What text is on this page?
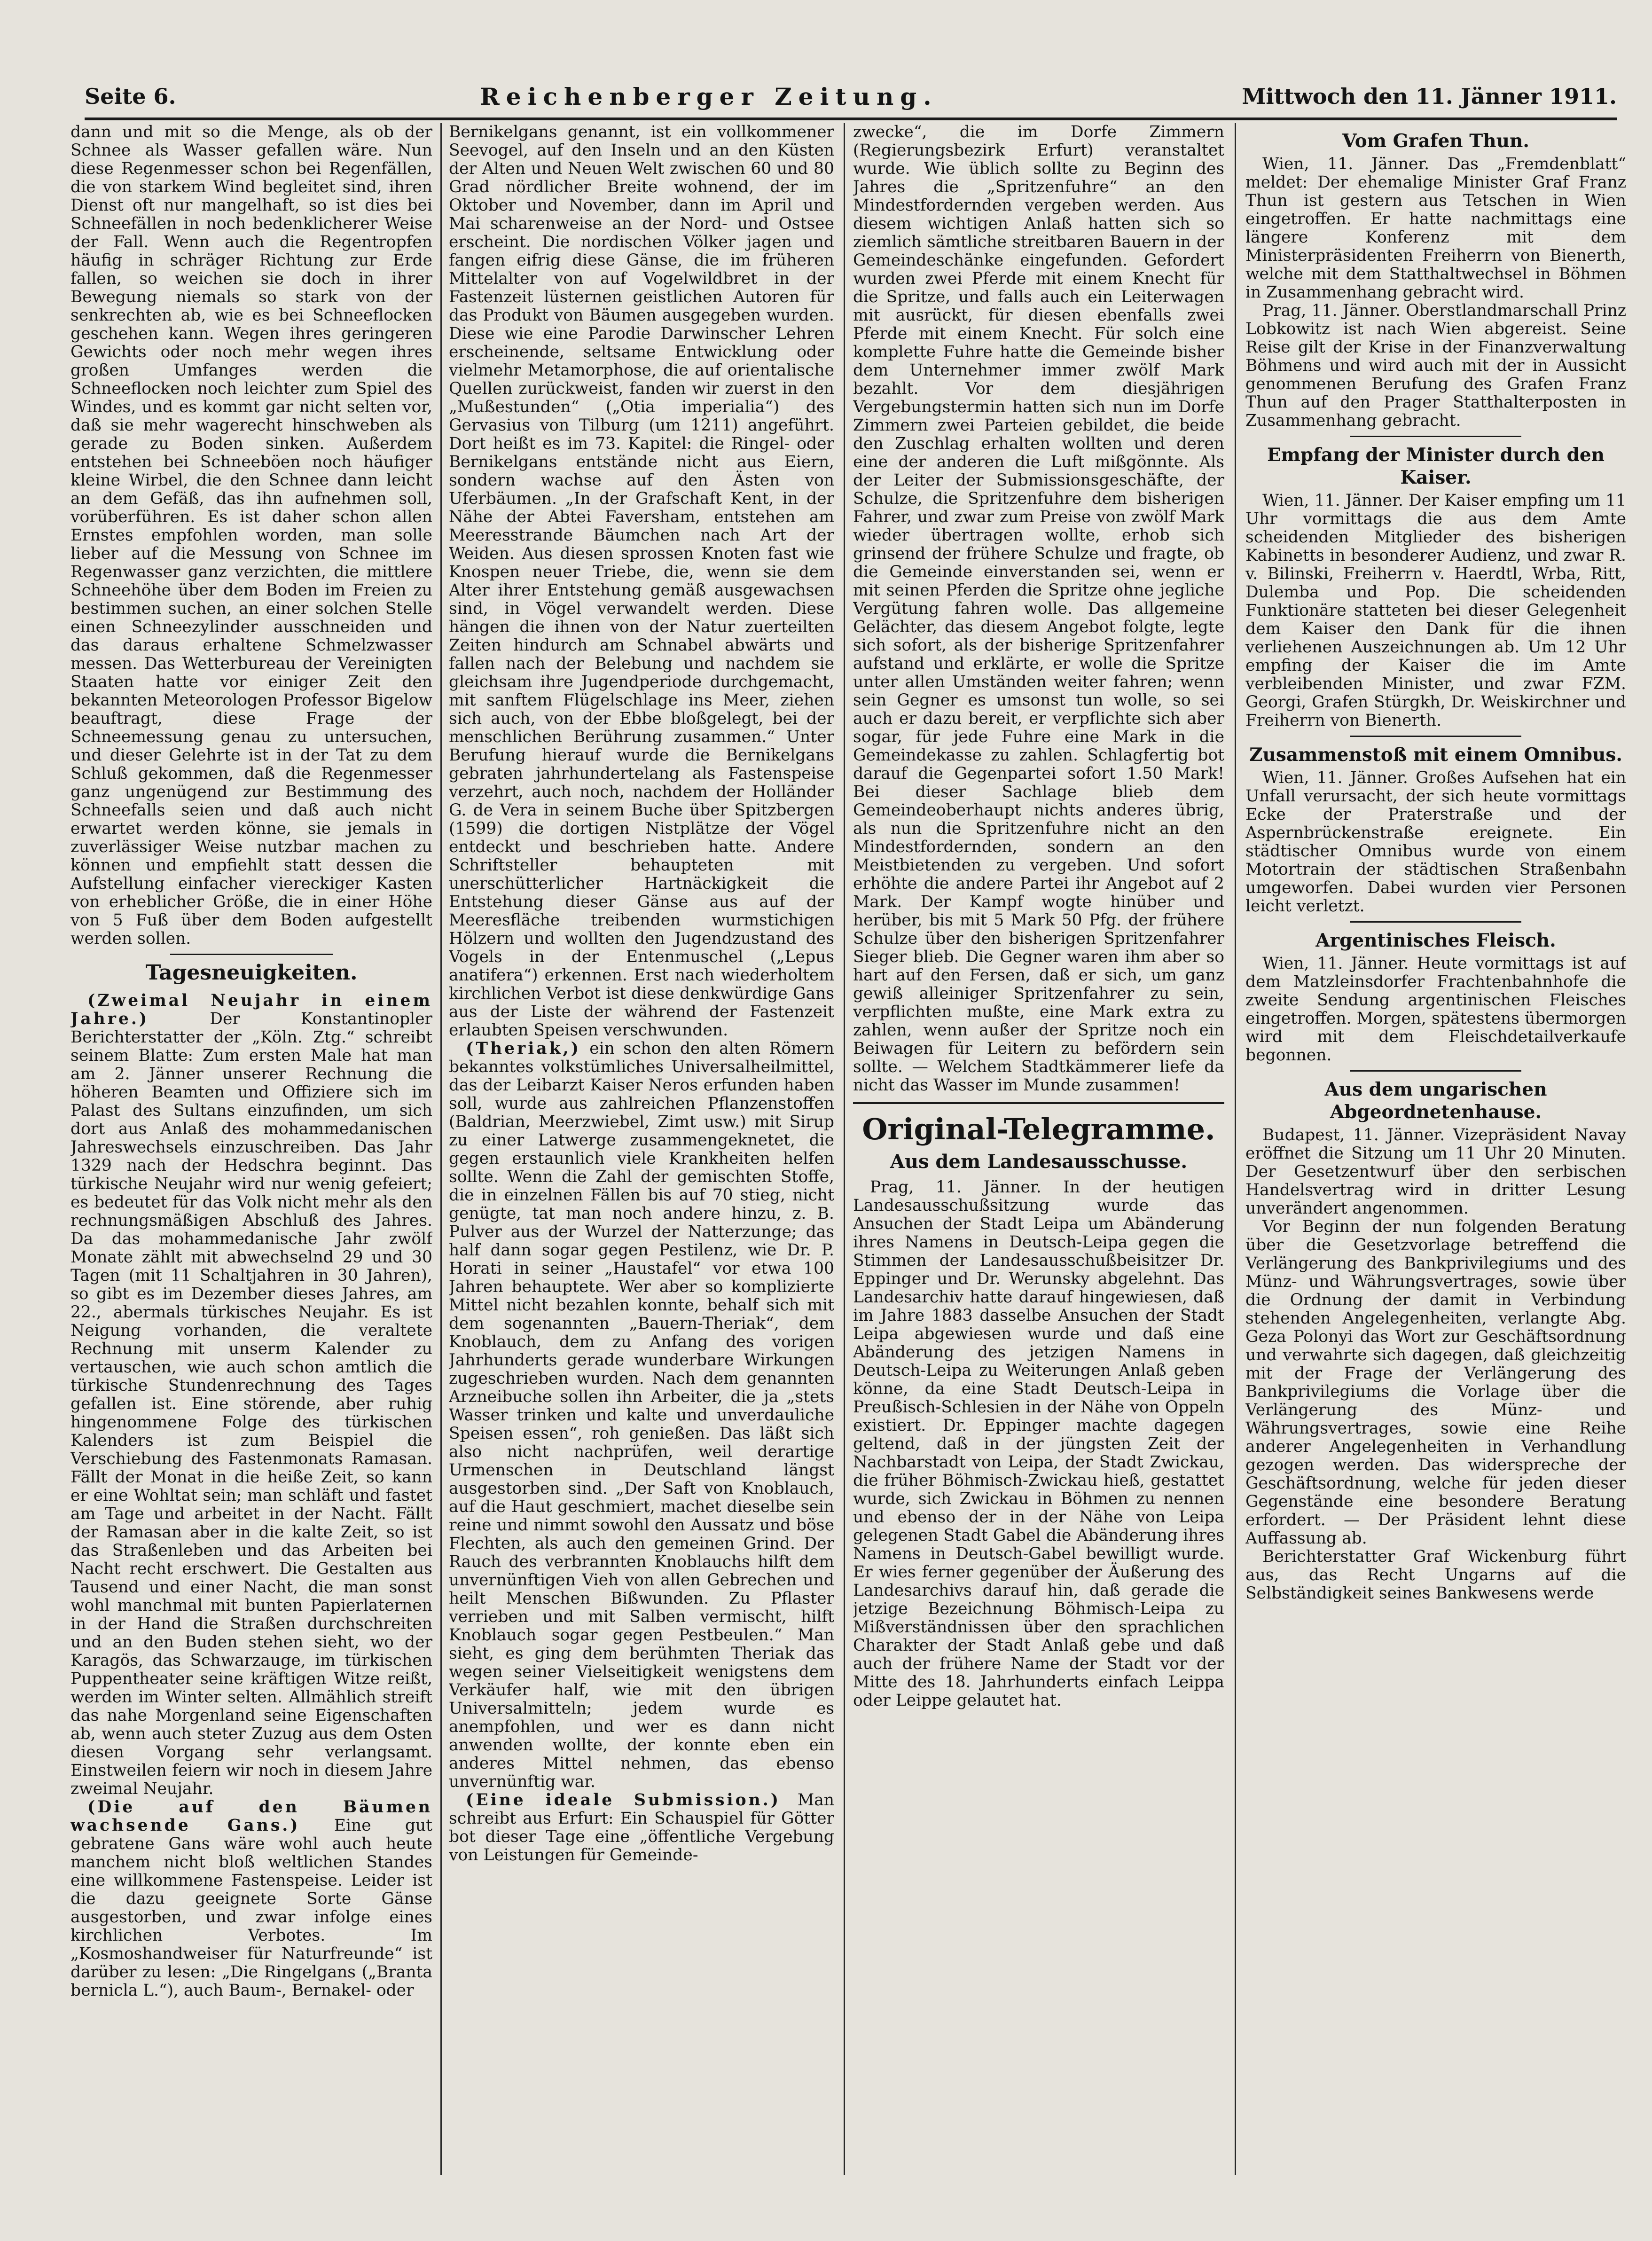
Seite 6.	Reichenberger Zeitung.	Mittwoch den 11. Jänner 1911.

dann und mit so die Menge, als ob der Schnee als Wasser gefallen wäre. Nun diese Regenmesser schon bei Regenfällen, die von starkem Wind begleitet sind, ihren Dienst oft nur mangelhaft, so ist dies bei Schneefällen in noch bedenklicherer Weise der Fall. Wenn auch die Regentropfen häufig in schräger Richtung zur Erde fallen, so weichen sie doch in ihrer Bewegung niemals so stark von der senkrechten ab, wie es bei Schneeflocken geschehen kann. Wegen ihres geringeren Gewichts oder noch mehr wegen ihres großen Umfanges werden die Schneeflocken noch leichter zum Spiel des Windes, und es kommt gar nicht selten vor, daß sie mehr wagerecht hinschweben als gerade zu Boden sinken. Außerdem entstehen bei Schneeböen noch häufiger kleine Wirbel, die den Schnee dann leicht an dem Gefäß, das ihn aufnehmen soll, vorüberführen. Es ist daher schon allen Ernstes empfohlen worden, man solle lieber auf die Messung von Schnee im Regenwasser ganz verzichten, die mittlere Schneehöhe über dem Boden im Freien zu bestimmen suchen, an einer solchen Stelle einen Schneezylinder ausschneiden und das daraus erhaltene Schmelzwasser messen. Das Wetterbureau der Vereinigten Staaten hatte vor einiger Zeit den bekannten Meteorologen Professor Bigelow beauftragt, diese Frage der Schneemessung genau zu untersuchen, und dieser Gelehrte ist in der Tat zu dem Schluß gekommen, daß die Regenmesser ganz ungenügend zur Bestimmung des Schneefalls seien und daß auch nicht erwartet werden könne, sie jemals in zuverlässiger Weise nutzbar machen zu können und empfiehlt statt dessen die Aufstellung einfacher viereckiger Kasten von erheblicher Größe, die in einer Höhe von 5 Fuß über dem Boden aufgestellt werden sollen.

Tagesneuigkeiten.

(Zweimal Neujahr in einem Jahre.)	Der Konstantinopler Berichterstatter der „Köln. Ztg.“ schreibt seinem Blatte: Zum ersten Male hat man am 2. Jänner unserer Rechnung die höheren Beamten und Offiziere sich im Palast des Sultans einzufinden, um sich dort aus Anlaß des mohammedanischen Jahreswechsels einzuschreiben. Das Jahr 1329 nach der Hedschra beginnt. Das türkische Neujahr wird nur wenig gefeiert; es bedeutet für das Volk nicht mehr als den rechnungsmäßigen Abschluß des Jahres. Da das mohammedanische Jahr zwölf Monate zählt mit abwechselnd 29 und 30 Tagen (mit 11 Schaltjahren in 30 Jahren), so gibt es im Dezember dieses Jahres, am 22., abermals türkisches Neujahr. Es ist Neigung vorhanden, die veraltete Rechnung mit unserm Kalender zu vertauschen, wie auch schon amtlich die türkische Stundenrechnung des Tages gefallen ist. Eine störende, aber ruhig hingenommene Folge des türkischen Kalenders ist zum Beispiel die Verschiebung des Fastenmonats Ramasan. Fällt der Monat in die heiße Zeit, so kann er eine Wohltat sein; man schläft und fastet am Tage und arbeitet in der Nacht. Fällt der Ramasan aber in die kalte Zeit, so ist das Straßenleben und das Arbeiten bei Nacht recht erschwert. Die Gestalten aus Tausend und einer Nacht, die man sonst wohl manchmal mit bunten Papierlaternen in der Hand die Straßen durchschreiten und an den Buden stehen sieht, wo der Karagös, das Schwarzauge, im türkischen Puppentheater seine kräftigen Witze reißt, werden im Winter selten. Allmählich streift das nahe Morgenland seine Eigenschaften ab, wenn auch steter Zuzug aus dem Osten diesen Vorgang sehr verlangsamt. Einstweilen feiern wir noch in diesem Jahre zweimal Neujahr.

(Die auf den Bäumen wachsende Gans.) Eine gut gebratene Gans wäre wohl auch heute manchem nicht bloß weltlichen Standes eine willkommene Fastenspeise. Leider ist die dazu geeignete Sorte Gänse ausgestorben, und zwar infolge eines kirchlichen Verbotes. Im „Kosmoshandweiser für Naturfreunde“ ist darüber zu lesen: „Die Ringelgans („Branta bernicla L.“), auch Baum-, Bernakel- oder

Bernikelgans genannt, ist ein vollkommener Seevogel, auf den Inseln und an den Küsten der Alten und Neuen Welt zwischen 60 und 80 Grad nördlicher Breite wohnend, der im Oktober und November, dann im April und Mai scharenweise an der Nord- und Ostsee erscheint. Die nordischen Völker jagen und fangen eifrig diese Gänse, die im früheren Mittelalter von auf Vogelwildbret in der Fastenzeit lüsternen geistlichen Autoren für das Produkt von Bäumen ausgegeben wurden. Diese wie eine Parodie Darwinscher Lehren erscheinende, seltsame Entwicklung oder vielmehr Metamorphose, die auf orientalische Quellen zurückweist, fanden wir zuerst in den „Mußestunden“ („Otia imperialia“) des Gervasius von Tilburg (um 1211) angeführt. Dort heißt es im 73. Kapitel: die Ringel- oder Bernikelgans entstände nicht aus Eiern, sondern wachse auf den Ästen von Uferbäumen. „In der Grafschaft Kent, in der Nähe der Abtei Faversham, entstehen am Meeresstrande Bäumchen nach Art der Weiden. Aus diesen sprossen Knoten fast wie Knospen neuer Triebe, die, wenn sie dem Alter ihrer Entstehung gemäß ausgewachsen sind, in Vögel verwandelt werden. Diese hängen die ihnen von der Natur zuerteilten Zeiten hindurch am Schnabel abwärts und fallen nach der Belebung und nachdem sie gleichsam ihre Jugendperiode durchgemacht, mit sanftem Flügelschlage ins Meer, ziehen sich auch, von der Ebbe bloßgelegt, bei der menschlichen Berührung zusammen.“ Unter Berufung hierauf wurde die Bernikelgans gebraten jahrhundertelang als Fastenspeise verzehrt, auch noch, nachdem der Holländer G. de Vera in seinem Buche über Spitzbergen (1599) die dortigen Nistplätze der Vögel entdeckt und beschrieben hatte. Andere Schriftsteller behaupteten mit unerschütterlicher Hartnäckigkeit die Entstehung dieser Gänse aus auf der Meeresfläche treibenden wurmstichigen Hölzern und wollten den Jugendzustand des Vogels in der Entenmuschel („Lepus anatifera“) erkennen. Erst nach wiederholtem kirchlichen Verbot ist diese denkwürdige Gans aus der Liste der während der Fastenzeit erlaubten Speisen verschwunden.

(Theriak,) ein schon den alten Römern bekanntes volkstümliches Universalheilmittel, das der Leibarzt Kaiser Neros erfunden haben soll, wurde aus zahlreichen Pflanzenstoffen (Baldrian, Meerzwiebel, Zimt usw.) mit Sirup zu einer Latwerge zusammengeknetet, die gegen erstaunlich viele Krankheiten helfen sollte. Wenn die Zahl der gemischten Stoffe, die in einzelnen Fällen bis auf 70 stieg, nicht genügte, tat man noch andere hinzu, z. B. Pulver aus der Wurzel der Natterzunge; das half dann sogar gegen Pestilenz, wie Dr. P. Horati in seiner „Haustafel“ vor etwa 100 Jahren behauptete. Wer aber so komplizierte Mittel nicht bezahlen konnte, behalf sich mit dem sogenannten „Bauern-Theriak“, dem Knoblauch, dem zu Anfang des vorigen Jahrhunderts gerade wunderbare Wirkungen zugeschrieben wurden. Nach dem genannten Arzneibuche sollen ihn Arbeiter, die ja „stets Wasser trinken und kalte und unverdauliche Speisen essen“, roh genießen. Das läßt sich also nicht nachprüfen, weil derartige Urmenschen in Deutschland längst ausgestorben sind. „Der Saft von Knoblauch, auf die Haut geschmiert, machet dieselbe sein reine und nimmt sowohl den Aussatz und böse Flechten, als auch den gemeinen Grind. Der Rauch des verbrannten Knoblauchs hilft dem unvernünftigen Vieh von allen Gebrechen und heilt Menschen Bißwunden. Zu Pflaster verrieben und mit Salben vermischt, hilft Knoblauch sogar gegen Pestbeulen.“ Man sieht, es ging dem berühmten Theriak das wegen seiner Vielseitigkeit wenigstens dem Verkäufer half, wie mit den übrigen Universalmitteln; jedem wurde es anempfohlen, und wer es dann nicht anwenden wollte, der konnte eben ein anderes Mittel nehmen, das ebenso unvernünftig war.

(Eine ideale Submission.) Man schreibt aus Erfurt: Ein Schauspiel für Götter bot dieser Tage eine „öffentliche Vergebung von Leistungen für Gemeinde-

zwecke“, die im Dorfe Zimmern (Regierungsbezirk Erfurt) veranstaltet wurde. Wie üblich sollte zu Beginn des Jahres die „Spritzenfuhre“ an den Mindestfordernden vergeben werden. Aus diesem wichtigen Anlaß hatten sich so ziemlich sämtliche streitbaren Bauern in der Gemeindeschänke eingefunden. Gefordert wurden zwei Pferde mit einem Knecht für die Spritze, und falls auch ein Leiterwagen mit ausrückt, für diesen ebenfalls zwei Pferde mit einem Knecht. Für solch eine komplette Fuhre hatte die Gemeinde bisher dem Unternehmer immer zwölf Mark bezahlt. Vor dem diesjährigen Vergebungstermin hatten sich nun im Dorfe Zimmern zwei Parteien gebildet, die beide den Zuschlag erhalten wollten und deren eine der anderen die Luft mißgönnte. Als der Leiter der Submissionsgeschäfte, der Schulze, die Spritzenfuhre dem bisherigen Fahrer, und zwar zum Preise von zwölf Mark wieder übertragen wollte, erhob sich grinsend der frühere Schulze und fragte, ob die Gemeinde einverstanden sei, wenn er mit seinen Pferden die Spritze ohne jegliche Vergütung fahren wolle. Das allgemeine Gelächter, das diesem Angebot folgte, legte sich sofort, als der bisherige Spritzenfahrer aufstand und erklärte, er wolle die Spritze unter allen Umständen weiter fahren; wenn sein Gegner es umsonst tun wolle, so sei auch er dazu bereit, er verpflichte sich aber sogar, für jede Fuhre eine Mark in die Gemeindekasse zu zahlen. Schlagfertig bot darauf die Gegenpartei sofort 1.50 Mark! Bei dieser Sachlage blieb dem Gemeindeoberhaupt nichts anderes übrig, als nun die Spritzenfuhre nicht an den Mindestfordernden, sondern an den Meistbietenden zu vergeben. Und sofort erhöhte die andere Partei ihr Angebot auf 2 Mark. Der Kampf wogte hinüber und herüber, bis mit 5 Mark 50 Pfg. der frühere Schulze über den bisherigen Spritzenfahrer Sieger blieb. Die Gegner waren ihm aber so hart auf den Fersen, daß er sich, um ganz gewiß alleiniger Spritzenfahrer zu sein, verpflichten mußte, eine Mark extra zu zahlen, wenn außer der Spritze noch ein Beiwagen für Leitern zu befördern sein sollte. — Welchem Stadtkämmerer liefe da nicht das Wasser im Munde zusammen!

Original-Telegramme.
Aus dem Landesausschusse.

Prag, 11. Jänner. In der heutigen Landesausschußsitzung wurde das Ansuchen der Stadt Leipa um Abänderung ihres Namens in Deutsch-Leipa gegen die Stimmen der Landesausschußbeisitzer Dr. Eppinger und Dr. Werunsky abgelehnt. Das Landesarchiv hatte darauf hingewiesen, daß im Jahre 1883 dasselbe Ansuchen der Stadt Leipa abgewiesen wurde und daß eine Abänderung des jetzigen Namens in Deutsch-Leipa zu Weiterungen Anlaß geben könne, da eine Stadt Deutsch-Leipa in Preußisch-Schlesien in der Nähe von Oppeln existiert. Dr. Eppinger machte dagegen geltend, daß in der jüngsten Zeit der Nachbarstadt von Leipa, der Stadt Zwickau, die früher Böhmisch-Zwickau hieß, gestattet wurde, sich Zwickau in Böhmen zu nennen und ebenso der in der Nähe von Leipa gelegenen Stadt Gabel die Abänderung ihres Namens in Deutsch-Gabel bewilligt wurde. Er wies ferner gegenüber der Äußerung des Landesarchivs darauf hin, daß gerade die jetzige Bezeichnung Böhmisch-Leipa zu Mißverständnissen über den sprachlichen Charakter der Stadt Anlaß gebe und daß auch der frühere Name der Stadt vor der Mitte des 18. Jahrhunderts einfach Leippa oder Leippe gelautet hat.

Vom Grafen Thun.

Wien, 11. Jänner. Das „Fremdenblatt“ meldet: Der ehemalige Minister Graf Franz Thun ist gestern aus Tetschen in Wien eingetroffen. Er hatte nachmittags eine längere Konferenz mit dem Ministerpräsidenten Freiherrn von Bienerth, welche mit dem Statthaltwechsel in Böhmen in Zusammenhang gebracht wird.

Prag, 11. Jänner. Oberstlandmarschall Prinz Lobkowitz ist nach Wien abgereist. Seine Reise gilt der Krise in der Finanzverwaltung Böhmens und wird auch mit der in Aussicht genommenen Berufung des Grafen Franz Thun auf den Prager Statthalterposten in Zusammenhang gebracht.

Empfang der Minister durch den Kaiser.

Wien, 11. Jänner. Der Kaiser empfing um 11 Uhr vormittags die aus dem Amte scheidenden Mitglieder des bisherigen Kabinetts in besonderer Audienz, und zwar R. v. Bilinski, Freiherrn v. Haerdtl, Wrba, Ritt, Dulemba und Pop. Die scheidenden Funktionäre statteten bei dieser Gelegenheit dem Kaiser den Dank für die ihnen verliehenen Auszeichnungen ab. Um 12 Uhr empfing der Kaiser die im Amte verbleibenden Minister, und zwar FZM. Georgi, Grafen Stürgkh, Dr. Weiskirchner und Freiherrn von Bienerth.

Zusammenstoß mit einem Omnibus.

Wien, 11. Jänner. Großes Aufsehen hat ein Unfall verursacht, der sich heute vormittags Ecke der Praterstraße und der Aspernbrückenstraße ereignete. Ein städtischer Omnibus wurde von einem Motortrain der städtischen Straßenbahn umgeworfen. Dabei wurden vier Personen leicht verletzt.

Argentinisches Fleisch.

Wien, 11. Jänner. Heute vormittags ist auf dem Matzleinsdorfer Frachtenbahnhofe die zweite Sendung argentinischen Fleisches eingetroffen. Morgen, spätestens übermorgen wird mit dem Fleischdetailverkaufe begonnen.

Aus dem ungarischen Abgeordnetenhause.

Budapest, 11. Jänner. Vizepräsident Navay eröffnet die Sitzung um 11 Uhr 20 Minuten. Der Gesetzentwurf über den serbischen Handelsvertrag wird in dritter Lesung unverändert angenommen.

Vor Beginn der nun folgenden Beratung über die Gesetzvorlage betreffend die Verlängerung des Bankprivilegiums und des Münz- und Währungsvertrages, sowie über die Ordnung der damit in Verbindung stehenden Angelegenheiten, verlangte Abg. Geza Polonyi das Wort zur Geschäftsordnung und verwahrte sich dagegen, daß gleichzeitig mit der Frage der Verlängerung des Bankprivilegiums die Vorlage über die Verlängerung des Münz- und Währungsvertrages, sowie eine Reihe anderer Angelegenheiten in Verhandlung gezogen werden. Das widerspreche der Geschäftsordnung, welche für jeden dieser Gegenstände eine besondere Beratung erfordert. — Der Präsident lehnt diese Auffassung ab.

Berichterstatter Graf Wickenburg führt aus, das Recht Ungarns auf die Selbständigkeit seines Bankwesens werde
